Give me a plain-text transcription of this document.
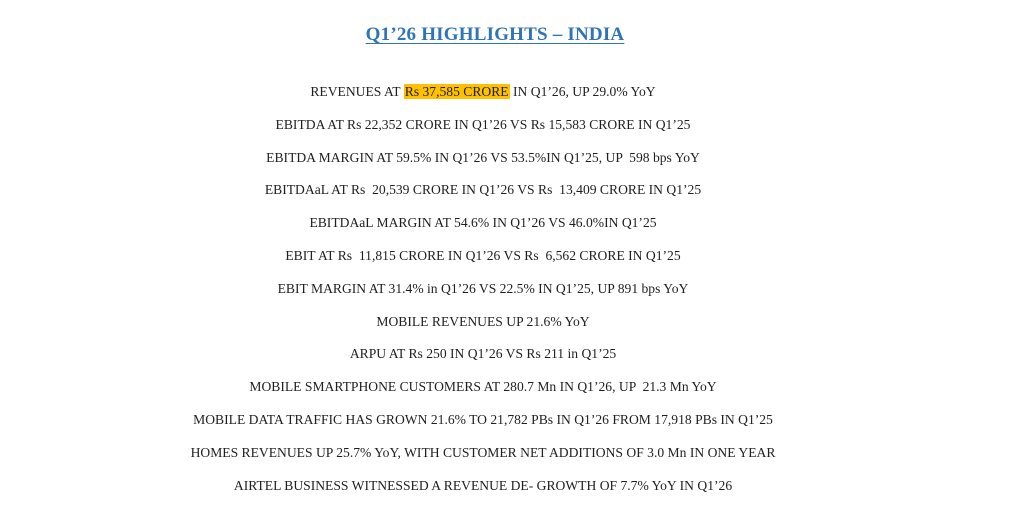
Q1’26 HIGHLIGHTS – INDIA
REVENUES AT Rs 37,585 CRORE IN Q1’26, UP 29.0% YoY
EBITDA AT Rs 22,352 CRORE IN Q1’26 VS Rs 15,583 CRORE IN Q1’25
EBITDA MARGIN AT 59.5% IN Q1’26 VS 53.5%IN Q1’25, UP  598 bps YoY
EBITDAaL AT Rs  20,539 CRORE IN Q1’26 VS Rs  13,409 CRORE IN Q1’25
EBITDAaL MARGIN AT 54.6% IN Q1’26 VS 46.0%IN Q1’25
EBIT AT Rs  11,815 CRORE IN Q1’26 VS Rs  6,562 CRORE IN Q1’25
EBIT MARGIN AT 31.4% in Q1’26 VS 22.5% IN Q1’25, UP 891 bps YoY
MOBILE REVENUES UP 21.6% YoY
ARPU AT Rs 250 IN Q1’26 VS Rs 211 in Q1’25
MOBILE SMARTPHONE CUSTOMERS AT 280.7 Mn IN Q1’26, UP  21.3 Mn YoY
MOBILE DATA TRAFFIC HAS GROWN 21.6% TO 21,782 PBs IN Q1’26 FROM 17,918 PBs IN Q1’25
HOMES REVENUES UP 25.7% YoY, WITH CUSTOMER NET ADDITIONS OF 3.0 Mn IN ONE YEAR
AIRTEL BUSINESS WITNESSED A REVENUE DE- GROWTH OF 7.7% YoY IN Q1’26
